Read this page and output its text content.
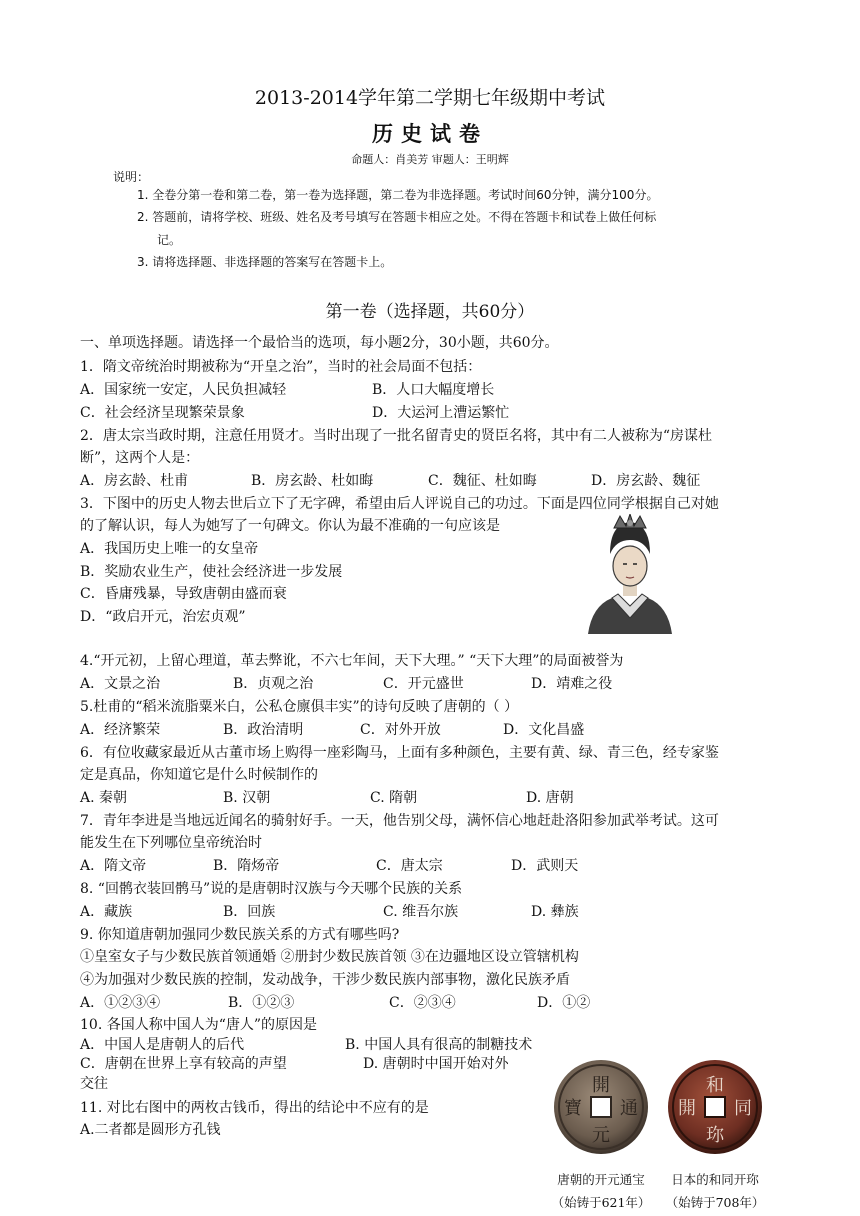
2013-2014学年第二学期七年级期中考试
历史试卷
命题人：肖美芳 审题人：王明辉
说明：
1. 全卷分第一卷和第二卷，第一卷为选择题，第二卷为非选择题。考试时间60分钟，满分100分。
2. 答题前，请将学校、班级、姓名及考号填写在答题卡相应之处。不得在答题卡和试卷上做任何标
记。
3. 请将选择题、非选择题的答案写在答题卡上。
第一卷（选择题，共60分）
一、单项选择题。请选择一个最恰当的选项，每小题2分，30小题，共60分。
1．隋文帝统治时期被称为“开皇之治”，当时的社会局面不包括：
A．国家统一安定，人民负担减轻	B．人口大幅度增长
C．社会经济呈现繁荣景象	D．大运河上漕运繁忙
2．唐太宗当政时期，注意任用贤才。当时出现了一批名留青史的贤臣名将，其中有二人被称为“房谋杜
断”，这两个人是：
A．房玄龄、杜甫	B．房玄龄、杜如晦	C．魏征、杜如晦	D．房玄龄、魏征
3．下图中的历史人物去世后立下了无字碑，希望由后人评说自己的功过。下面是四位同学根据自己对她
的了解认识，每人为她写了一句碑文。你认为最不准确的一句应该是
A．我国历史上唯一的女皇帝
B．奖励农业生产，使社会经济进一步发展
C．昏庸残暴，导致唐朝由盛而衰
D．“政启开元，治宏贞观”
4.“开元初，上留心理道，革去弊讹，不六七年间，天下大理。” “天下大理”的局面被誉为
A．文景之治	B．贞观之治	C．开元盛世	D．靖难之役
5.杜甫的“稻米流脂粟米白，公私仓廪俱丰实”的诗句反映了唐朝的（ ）
A．经济繁荣	B．政治清明	C．对外开放	D．文化昌盛
6．有位收藏家最近从古董市场上购得一座彩陶马，上面有多种颜色，主要有黄、绿、青三色，经专家鉴
定是真品，你知道它是什么时候制作的
A. 秦朝	B. 汉朝	C. 隋朝	D. 唐朝
7．青年李进是当地远近闻名的骑射好手。一天，他告别父母，满怀信心地赶赴洛阳参加武举考试。这可
能发生在下列哪位皇帝统治时
A．隋文帝	B．隋炀帝	C．唐太宗	D．武则天
8. “回鹘衣装回鹘马”说的是唐朝时汉族与今天哪个民族的关系
A．藏族	B．回族	C. 维吾尔族	D. 彝族
9. 你知道唐朝加强同少数民族关系的方式有哪些吗?
①皇室女子与少数民族首领通婚 ②册封少数民族首领 ③在边疆地区设立管辖机构
④为加强对少数民族的控制，发动战争，干涉少数民族内部事物，激化民族矛盾
A．①②③④	B．①②③	C．②③④	D．①②
10. 各国人称中国人为“唐人”的原因是
A．中国人是唐朝人的后代	B. 中国人具有很高的制糖技术
C．唐朝在世界上享有较高的声望	D. 唐朝时中国开始对外
交往
11. 对比右图中的两枚古钱币，得出的结论中不应有的是
A.二者都是圆形方孔钱
開
通
元
寶
和
同
珎
開
唐朝的开元通宝
（始铸于621年）
日本的和同开珎
（始铸于708年）
